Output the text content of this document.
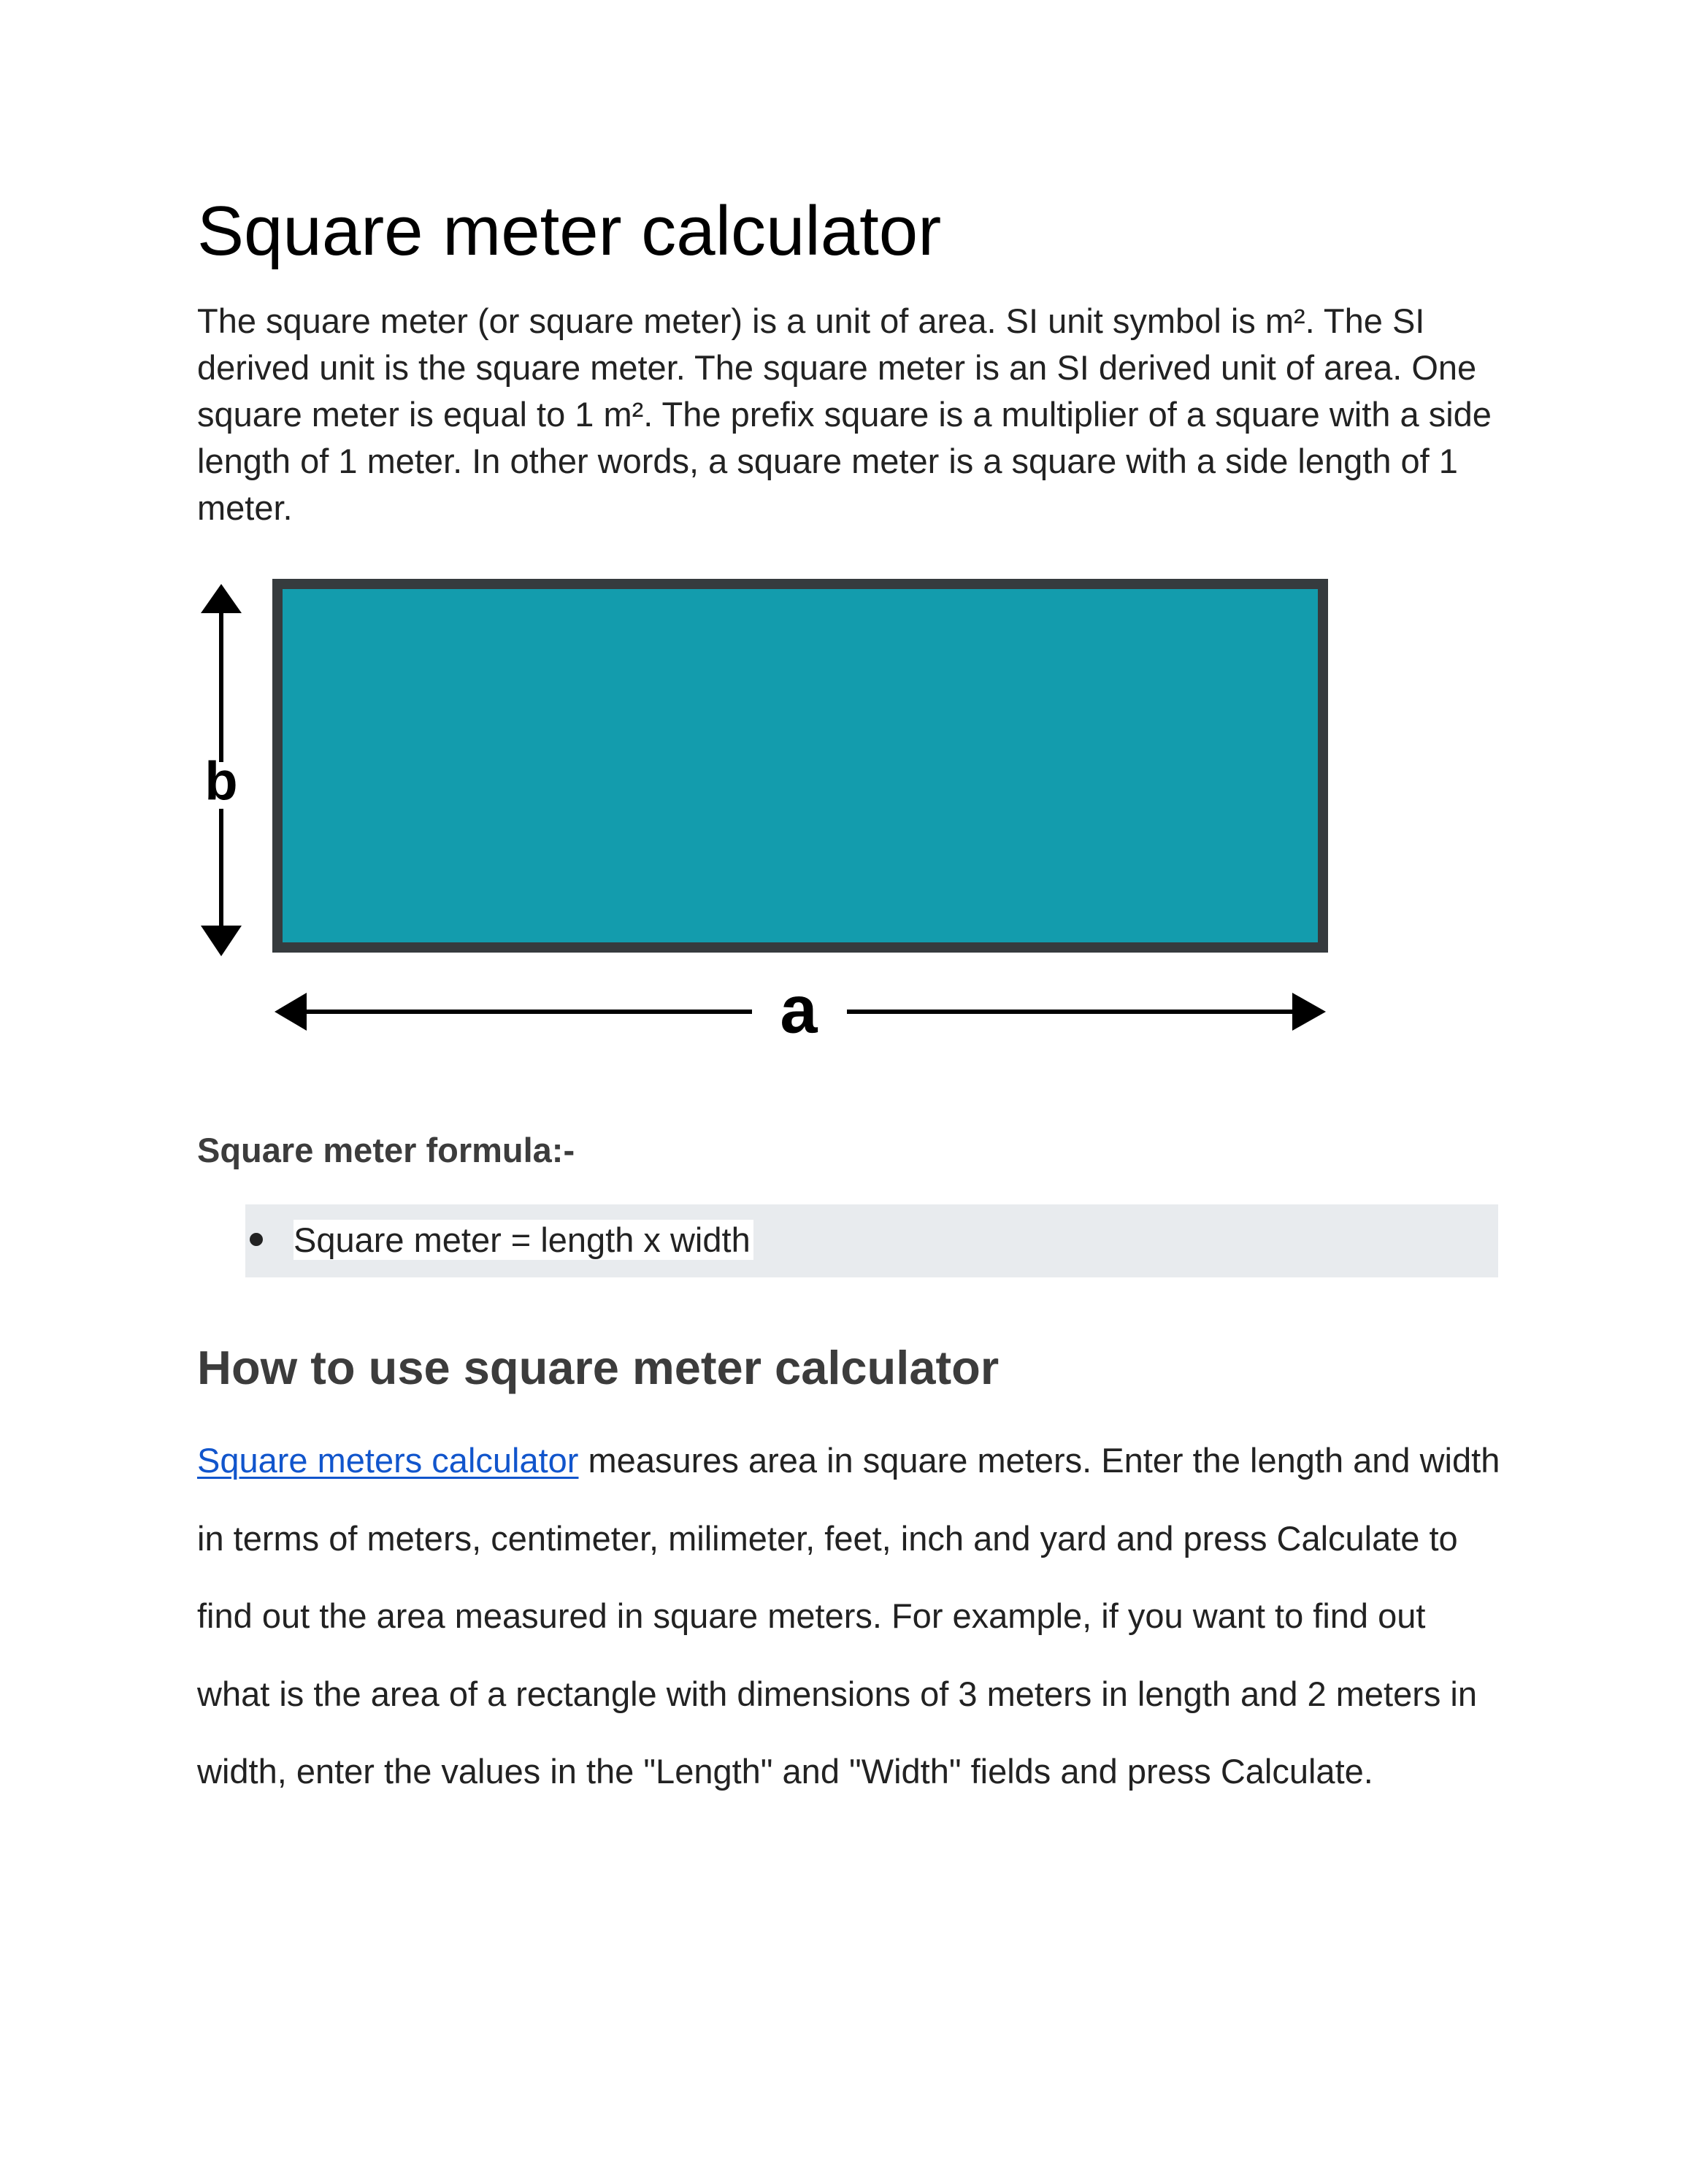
Square meter calculator

The square meter (or square meter) is a unit of area. SI unit symbol is m². The SI derived unit is the square meter. The square meter is an SI derived unit of area. One square meter is equal to 1 m². The prefix square is a multiplier of a square with a side length of 1 meter. In other words, a square meter is a square with a side length of 1 meter.

b
a
Square meter formula:-
Square meter = length x width
How to use square meter calculator

Square meters calculator measures area in square meters. Enter the length and width in terms of meters, centimeter, milimeter, feet, inch and yard and press Calculate to find out the area measured in square meters. For example, if you want to find out what is the area of a rectangle with dimensions of 3 meters in length and 2 meters in width, enter the values in the "Length" and "Width" fields and press Calculate.
